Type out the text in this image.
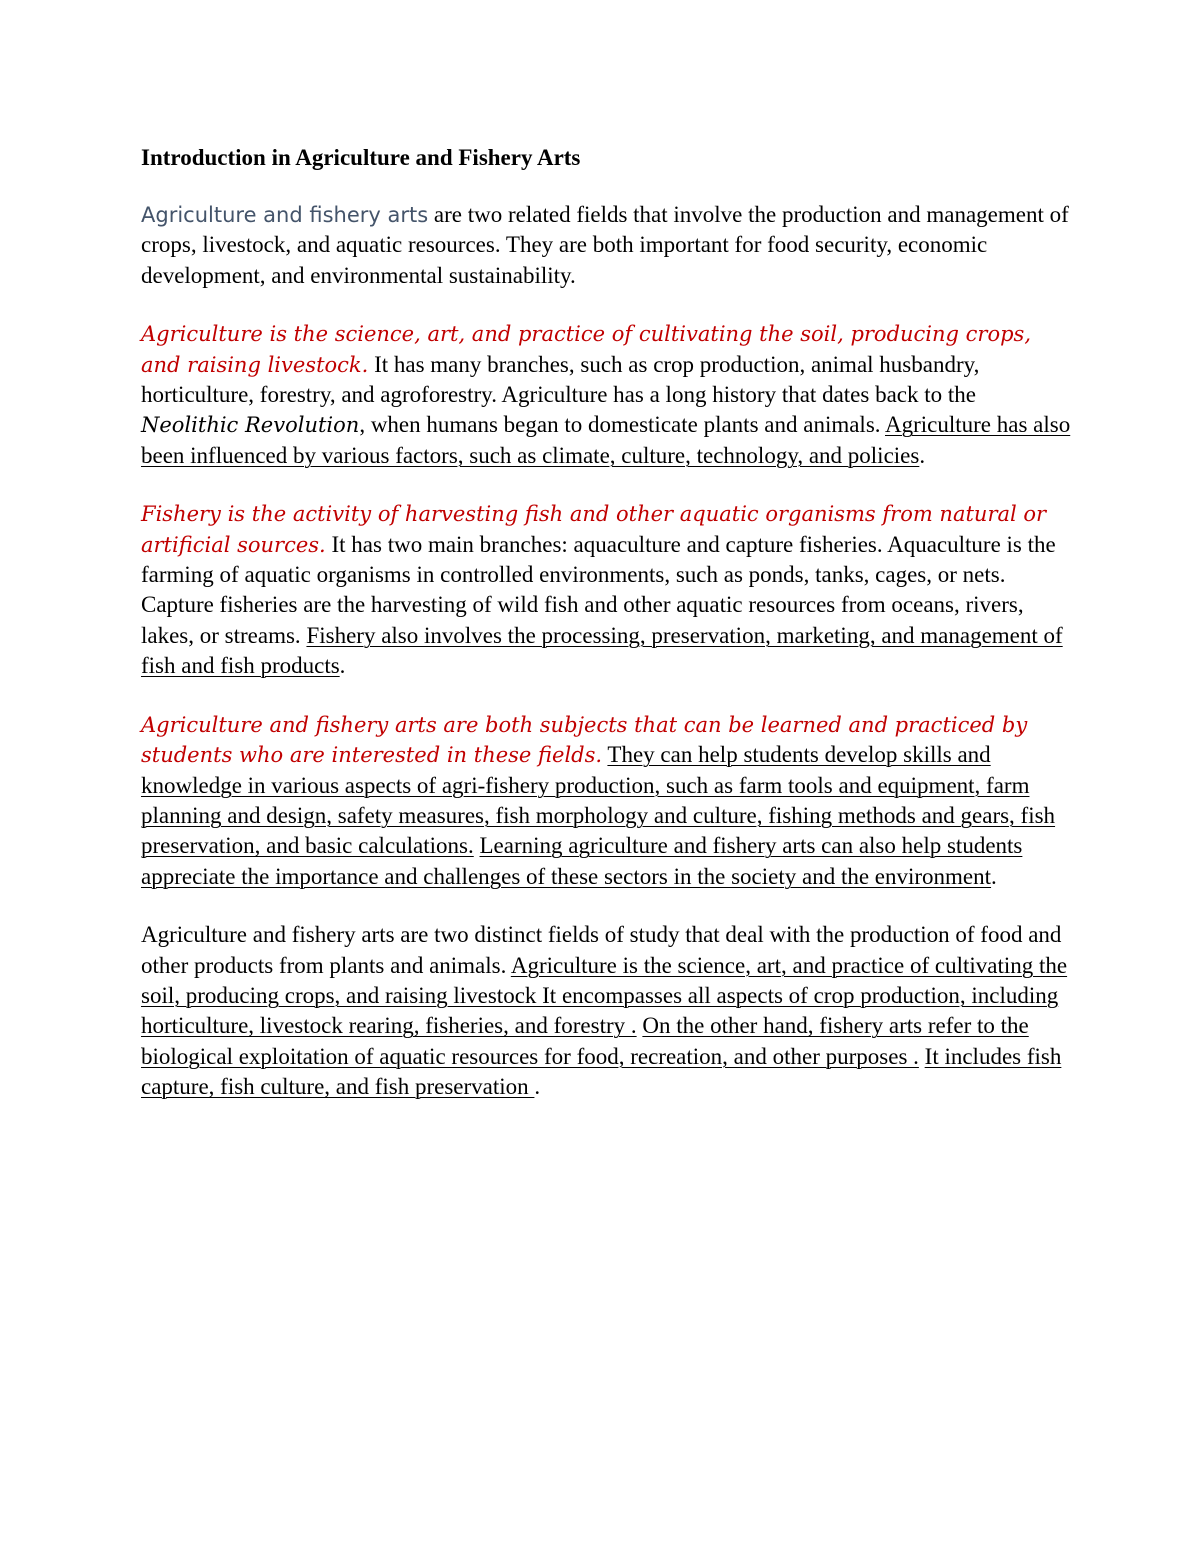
Introduction in Agriculture and Fishery Arts
Agriculture and fishery arts are two related fields that involve the production and management of crops, livestock, and aquatic resources. They are both important for food security, economic development, and environmental sustainability.
Agriculture is the science, art, and practice of cultivating the soil, producing crops, and raising livestock. It has many branches, such as crop production, animal husbandry, horticulture, forestry, and agroforestry. Agriculture has a long history that dates back to the Neolithic Revolution, when humans began to domesticate plants and animals. Agriculture has also been influenced by various factors, such as climate, culture, technology, and policies.
Fishery is the activity of harvesting fish and other aquatic organisms from natural or artificial sources. It has two main branches: aquaculture and capture fisheries. Aquaculture is the farming of aquatic organisms in controlled environments, such as ponds, tanks, cages, or nets. Capture fisheries are the harvesting of wild fish and other aquatic resources from oceans, rivers, lakes, or streams. Fishery also involves the processing, preservation, marketing, and management of fish and fish products.
Agriculture and fishery arts are both subjects that can be learned and practiced by students who are interested in these fields. They can help students develop skills and knowledge in various aspects of agri-fishery production, such as farm tools and equipment, farm planning and design, safety measures, fish morphology and culture, fishing methods and gears, fish preservation, and basic calculations. Learning agriculture and fishery arts can also help students appreciate the importance and challenges of these sectors in the society and the environment.
Agriculture and fishery arts are two distinct fields of study that deal with the production of food and other products from plants and animals. Agriculture is the science, art, and practice of cultivating the soil, producing crops, and raising livestock It encompasses all aspects of crop production, including horticulture, livestock rearing, fisheries, and forestry . On the other hand, fishery arts refer to the biological exploitation of aquatic resources for food, recreation, and other purposes . It includes fish capture, fish culture, and fish preservation .
